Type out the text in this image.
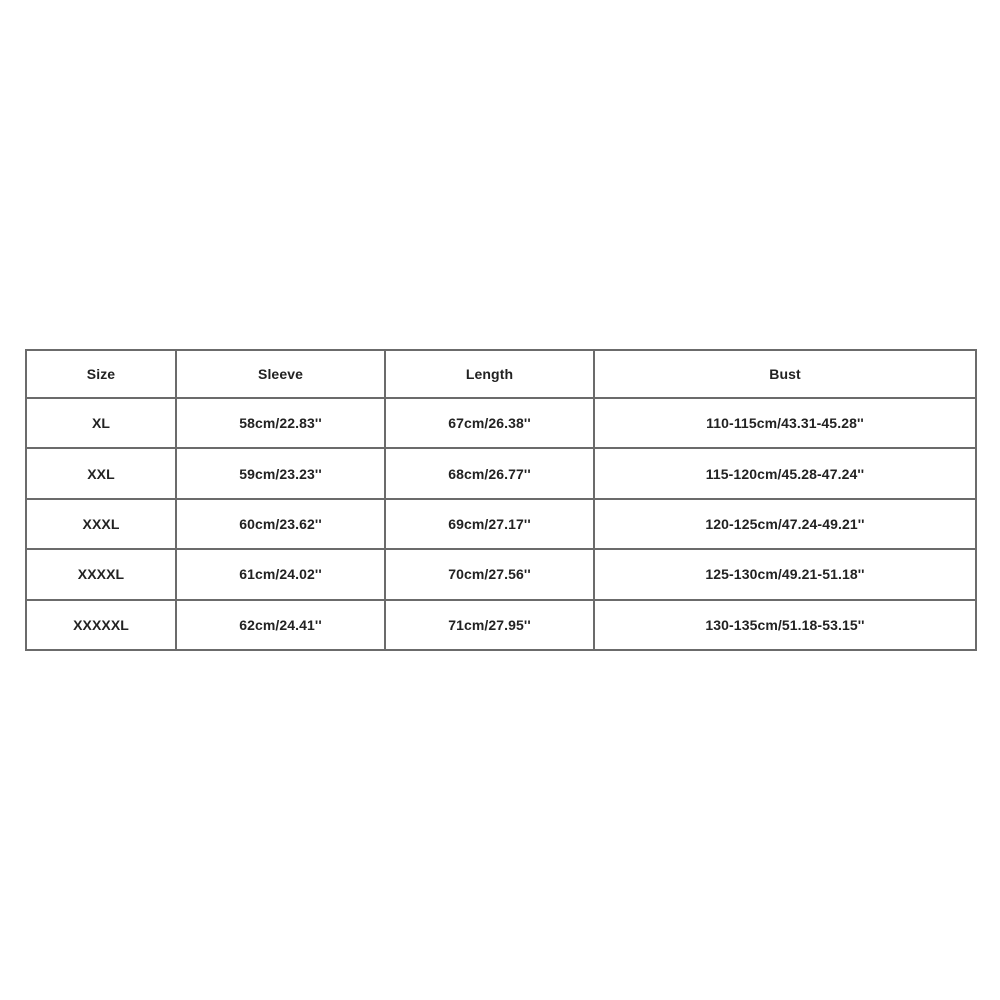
Size	Sleeve	Length	Bust
XL	58cm/22.83''	67cm/26.38''	110-115cm/43.31-45.28''
XXL	59cm/23.23''	68cm/26.77''	115-120cm/45.28-47.24''
XXXL	60cm/23.62''	69cm/27.17''	120-125cm/47.24-49.21''
XXXXL	61cm/24.02''	70cm/27.56''	125-130cm/49.21-51.18''
XXXXXL	62cm/24.41''	71cm/27.95''	130-135cm/51.18-53.15''
